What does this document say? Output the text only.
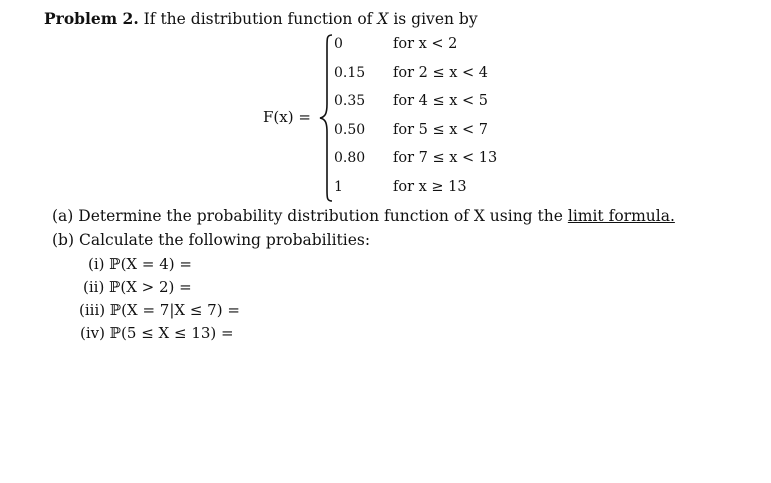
Problem 2. If the distribution function of X is given by
F(x) =
0
0.15
0.35
0.50
0.80
1
for x < 2
for 2 ≤ x < 4
for 4 ≤ x < 5
for 5 ≤ x < 7
for 7 ≤ x < 13
for x ≥ 13
(a) Determine the probability distribution function of X using the limit formula.
(b) Calculate the following probabilities:
(i) ℙ(X = 4) =
(ii) ℙ(X > 2) =
(iii) ℙ(X = 7|X ≤ 7) =
(iv) ℙ(5 ≤ X ≤ 13) =
